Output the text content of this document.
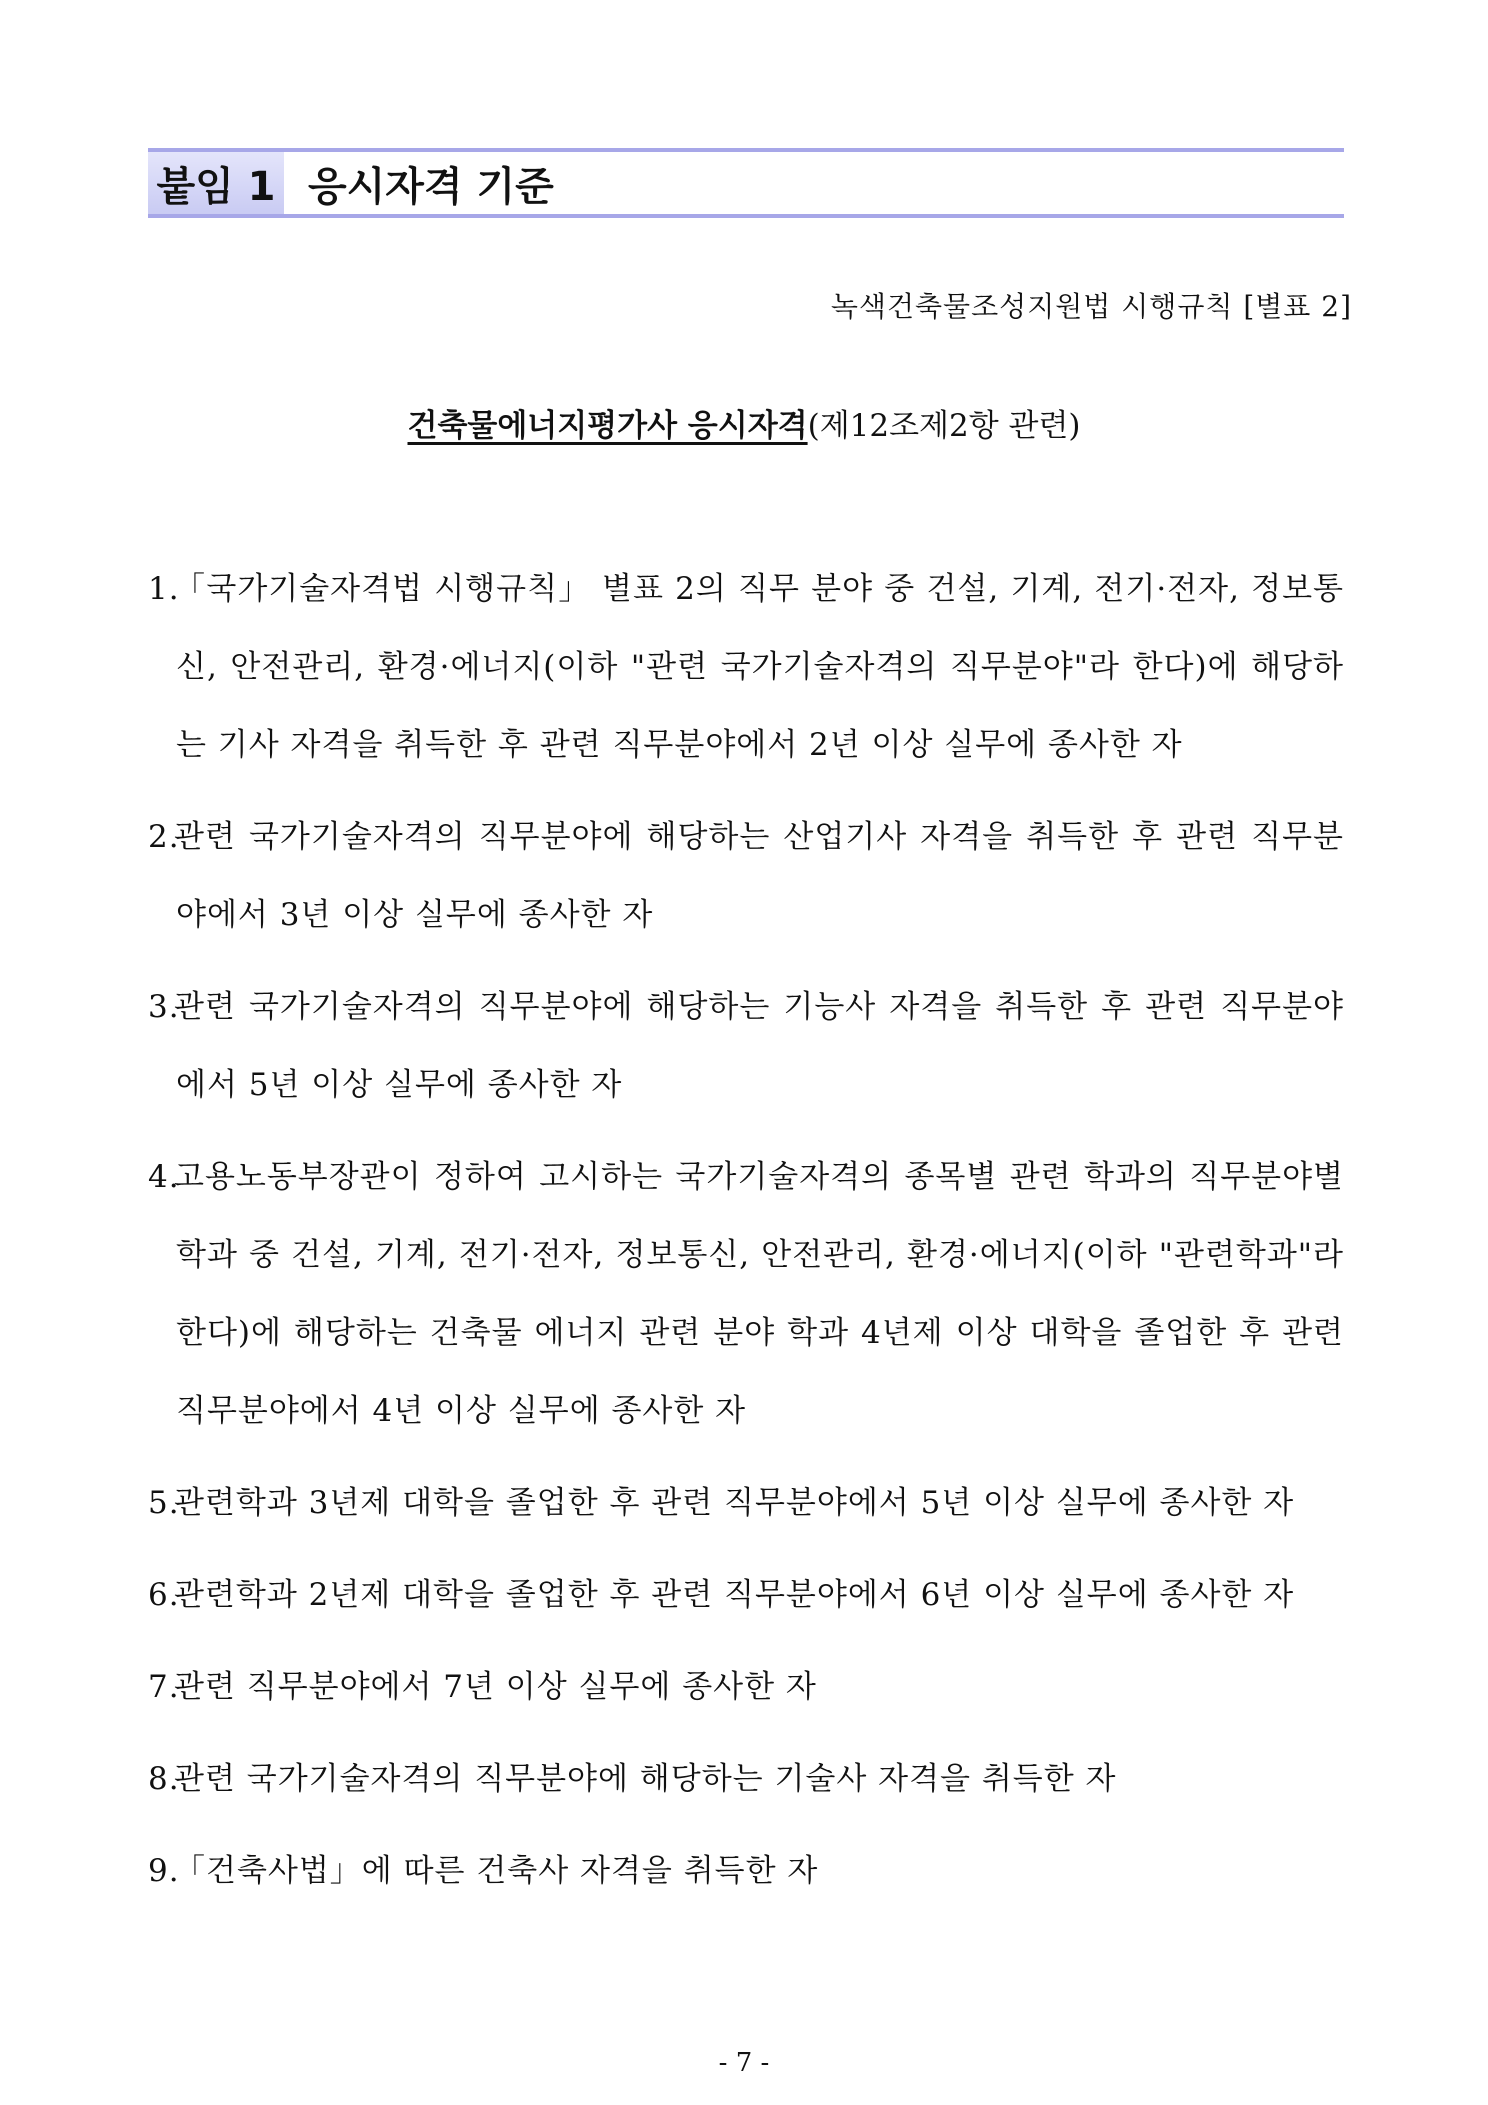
붙임 1 응시자격 기준
녹색건축물조성지원법 시행규칙 [별표 2]
건축물에너지평가사 응시자격(제12조제2항 관련)
1.
「국가기술자격법 시행규칙」 별표 2의 직무 분야 중 건설, 기계, 전기·전자, 정보통신, 안전관리, 환경·에너지(이하 "관련 국가기술자격의 직무분야"라 한다)에 해당하는 기사 자격을 취득한 후 관련 직무분야에서 2년 이상 실무에 종사한 자
2.
관련 국가기술자격의 직무분야에 해당하는 산업기사 자격을 취득한 후 관련 직무분야에서 3년 이상 실무에 종사한 자
3.
관련 국가기술자격의 직무분야에 해당하는 기능사 자격을 취득한 후 관련 직무분야 에서 5년 이상 실무에 종사한 자
4.
고용노동부장관이 정하여 고시하는 국가기술자격의 종목별 관련 학과의 직무분야별 학과 중 건설, 기계, 전기·전자, 정보통신, 안전관리, 환경·에너지(이하 "관련학과"라 한다)에 해당하는 건축물 에너지 관련 분야 학과 4년제 이상 대학을 졸업한 후 관련 직무분야에서 4년 이상 실무에 종사한 자
5.
관련학과 3년제 대학을 졸업한 후 관련 직무분야에서 5년 이상 실무에 종사한 자
6.
관련학과 2년제 대학을 졸업한 후 관련 직무분야에서 6년 이상 실무에 종사한 자
7.
관련 직무분야에서 7년 이상 실무에 종사한 자
8.
관련 국가기술자격의 직무분야에 해당하는 기술사 자격을 취득한 자
9.
「건축사법」에 따른 건축사 자격을 취득한 자
- 7 -
